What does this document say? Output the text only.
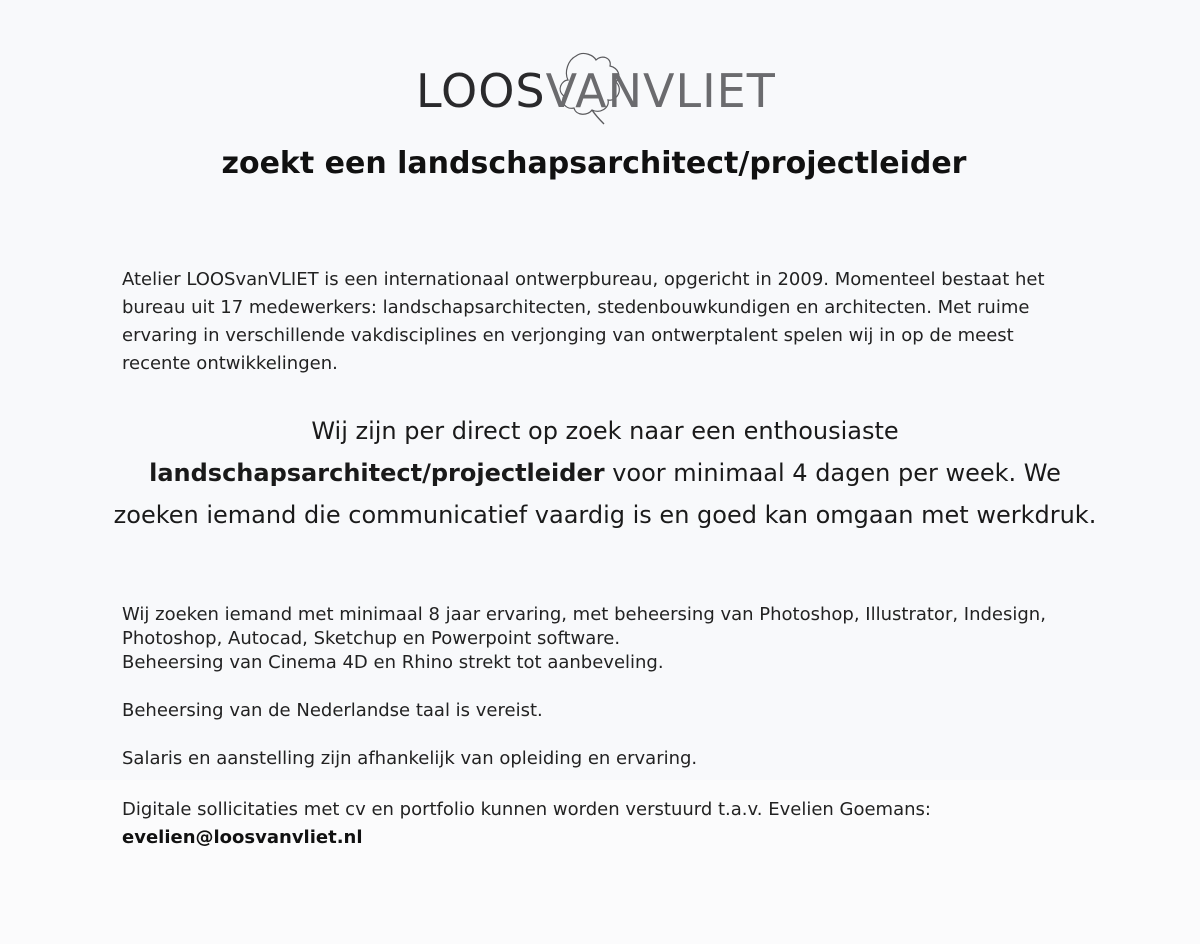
LOOSVANVLIET
zoekt een landschapsarchitect/projectleider

Atelier LOOSvanVLIET is een internationaal ontwerpbureau, opgericht in 2009. Momenteel bestaat het bureau uit 17 medewerkers: landschapsarchitecten, stedenbouwkundigen en architecten. Met ruime ervaring in verschillende vakdisciplines en verjonging van ontwerptalent spelen wij in op de meest recente ontwikkelingen.

Wij zijn per direct op zoek naar een enthousiaste
landschapsarchitect/projectleider voor minimaal 4 dagen per week. We zoeken iemand die communicatief vaardig is en goed kan omgaan met werkdruk.

Wij zoeken iemand met minimaal 8 jaar ervaring, met beheersing van Photoshop, Illustrator, Indesign, Photoshop, Autocad, Sketchup en Powerpoint software.
Beheersing van Cinema 4D en Rhino strekt tot aanbeveling.

Beheersing van de Nederlandse taal is vereist.

Salaris en aanstelling zijn afhankelijk van opleiding en ervaring.

Digitale sollicitaties met cv en portfolio kunnen worden verstuurd t.a.v. Evelien Goemans:
evelien@loosvanvliet.nl
